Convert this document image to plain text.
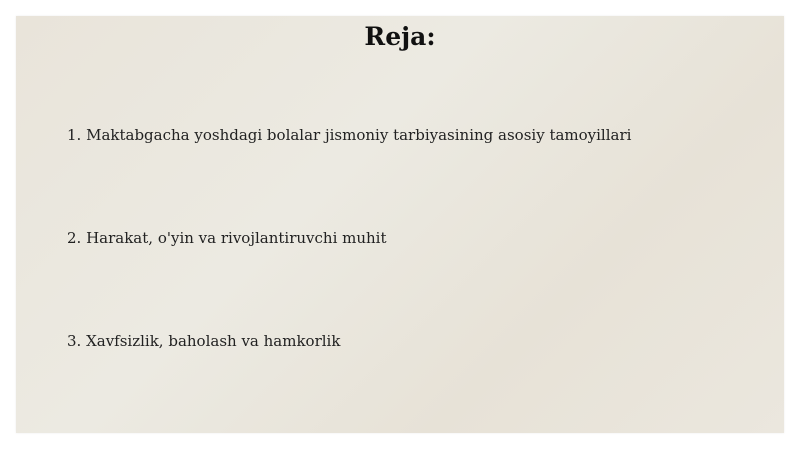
Reja:
1. Maktabgacha yoshdagi bolalar jismoniy tarbiyasining asosiy tamoyillari
2. Harakat, o'yin va rivojlantiruvchi muhit
3. Xavfsizlik, baholash va hamkorlik
